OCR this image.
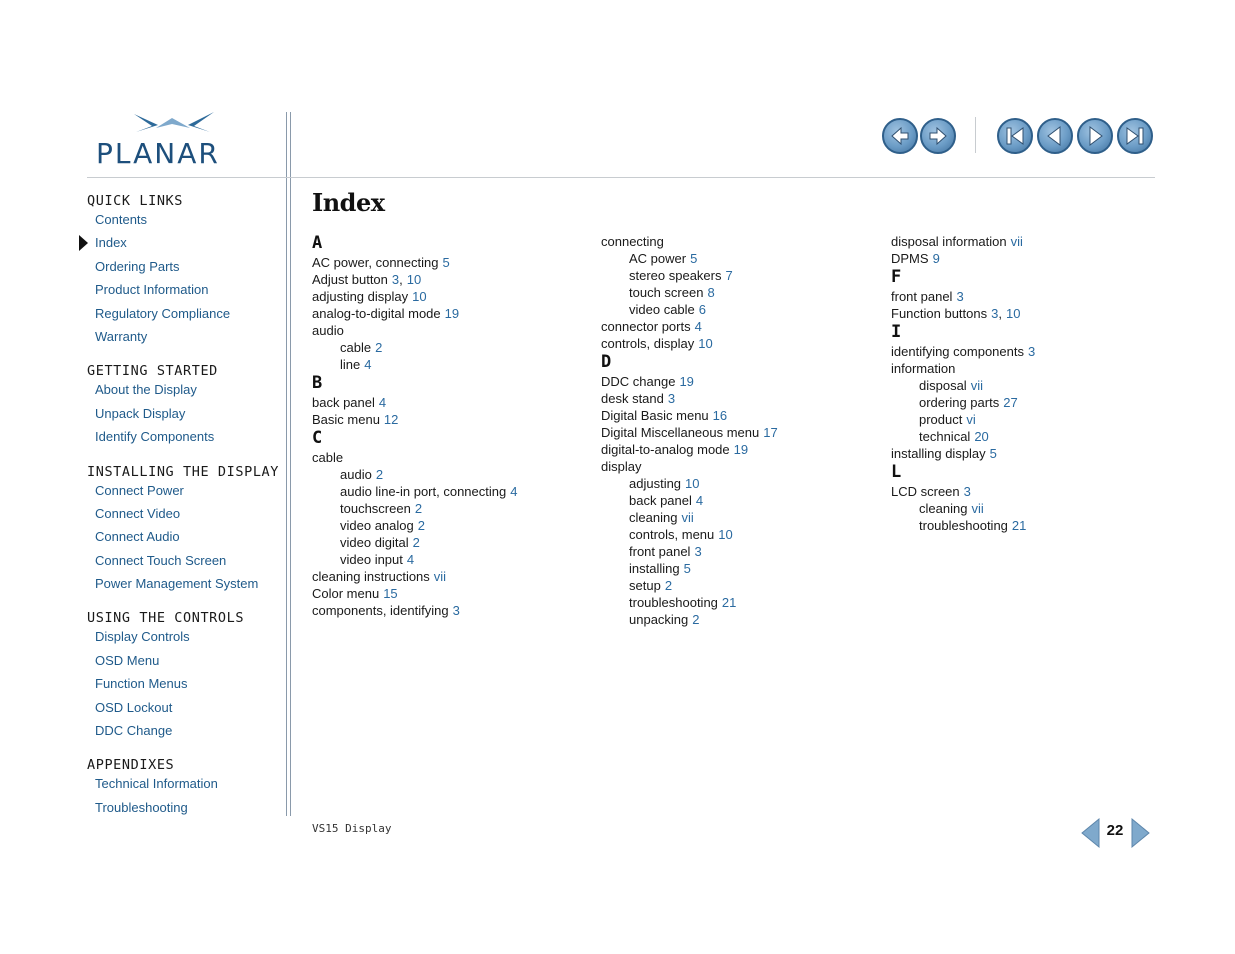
PLANAR
QUICK LINKS
Contents
Index
Ordering Parts
Product Information
Regulatory Compliance
Warranty
GETTING STARTED
About the Display
Unpack Display
Identify Components
INSTALLING THE DISPLAY
Connect Power
Connect Video
Connect Audio
Connect Touch Screen
Power Management System
USING THE CONTROLS
Display Controls
OSD Menu
Function Menus
OSD Lockout
DDC Change
APPENDIXES
Technical Information
Troubleshooting
Index
A
AC power, connecting 5
Adjust button 3, 10
adjusting display 10
analog-to-digital mode 19
audio
cable 2
line 4
B
back panel 4
Basic menu 12
C
cable
audio 2
audio line-in port, connecting 4
touchscreen 2
video analog 2
video digital 2
video input 4
cleaning instructions vii
Color menu 15
components, identifying 3
connecting
AC power 5
stereo speakers 7
touch screen 8
video cable 6
connector ports 4
controls, display 10
D
DDC change 19
desk stand 3
Digital Basic menu 16
Digital Miscellaneous menu 17
digital-to-analog mode 19
display
adjusting 10
back panel 4
cleaning vii
controls, menu 10
front panel 3
installing 5
setup 2
troubleshooting 21
unpacking 2
disposal information vii
DPMS 9
F
front panel 3
Function buttons 3, 10
I
identifying components 3
information
disposal vii
ordering parts 27
product vi
technical 20
installing display 5
L
LCD screen 3
cleaning vii
troubleshooting 21
VS15 Display	22
